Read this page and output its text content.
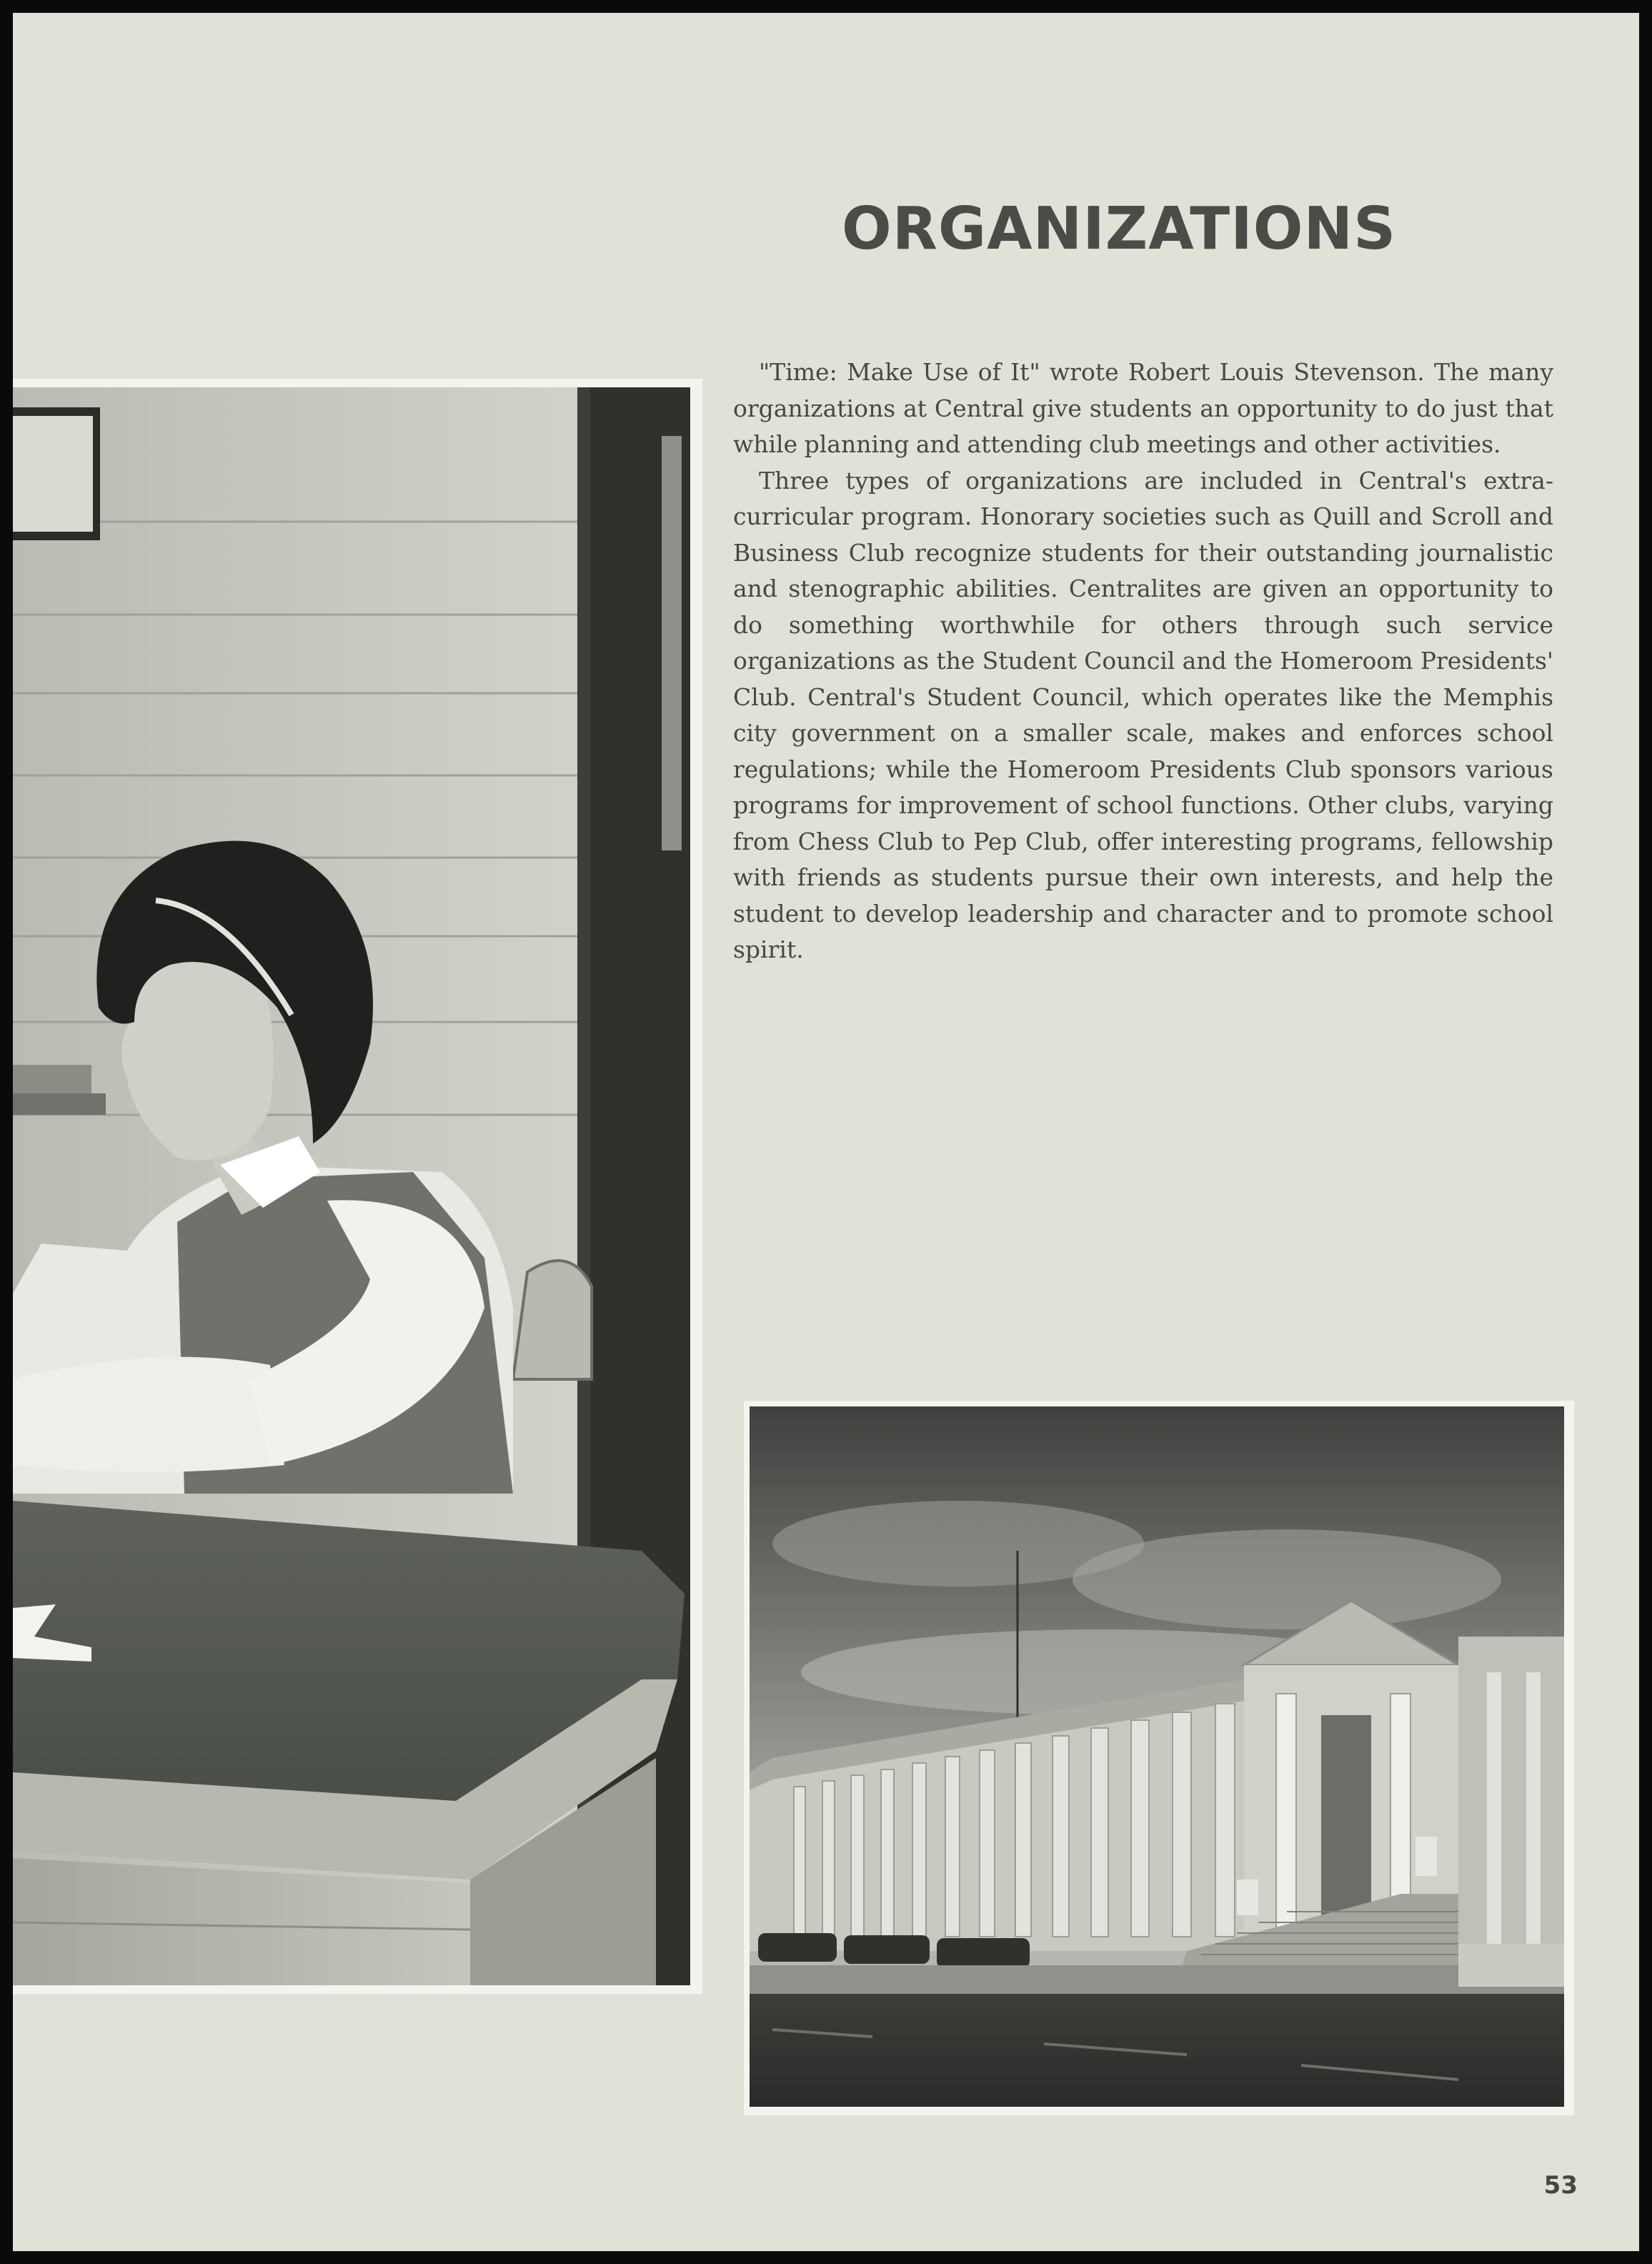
ORGANIZATIONS

"Time: Make Use of It" wrote Robert Louis Stevenson. The many organizations at Central give students an opportunity to do just that while planning and attending club meetings and other activities.

Three types of organizations are included in Central's extra-curricular program. Honorary societies such as Quill and Scroll and Business Club recognize students for their outstanding journalistic and stenographic abilities. Centralites are given an opportunity to do something worthwhile for others through such service organizations as the Student Council and the Homeroom Presidents' Club. Central's Student Council, which operates like the Memphis city government on a smaller scale, makes and enforces school regulations; while the Homeroom Presidents Club sponsors various programs for improvement of school functions. Other clubs, varying from Chess Club to Pep Club, offer interesting programs, fellowship with friends as students pursue their own interests, and help the student to develop leadership and character and to promote school spirit.

53
